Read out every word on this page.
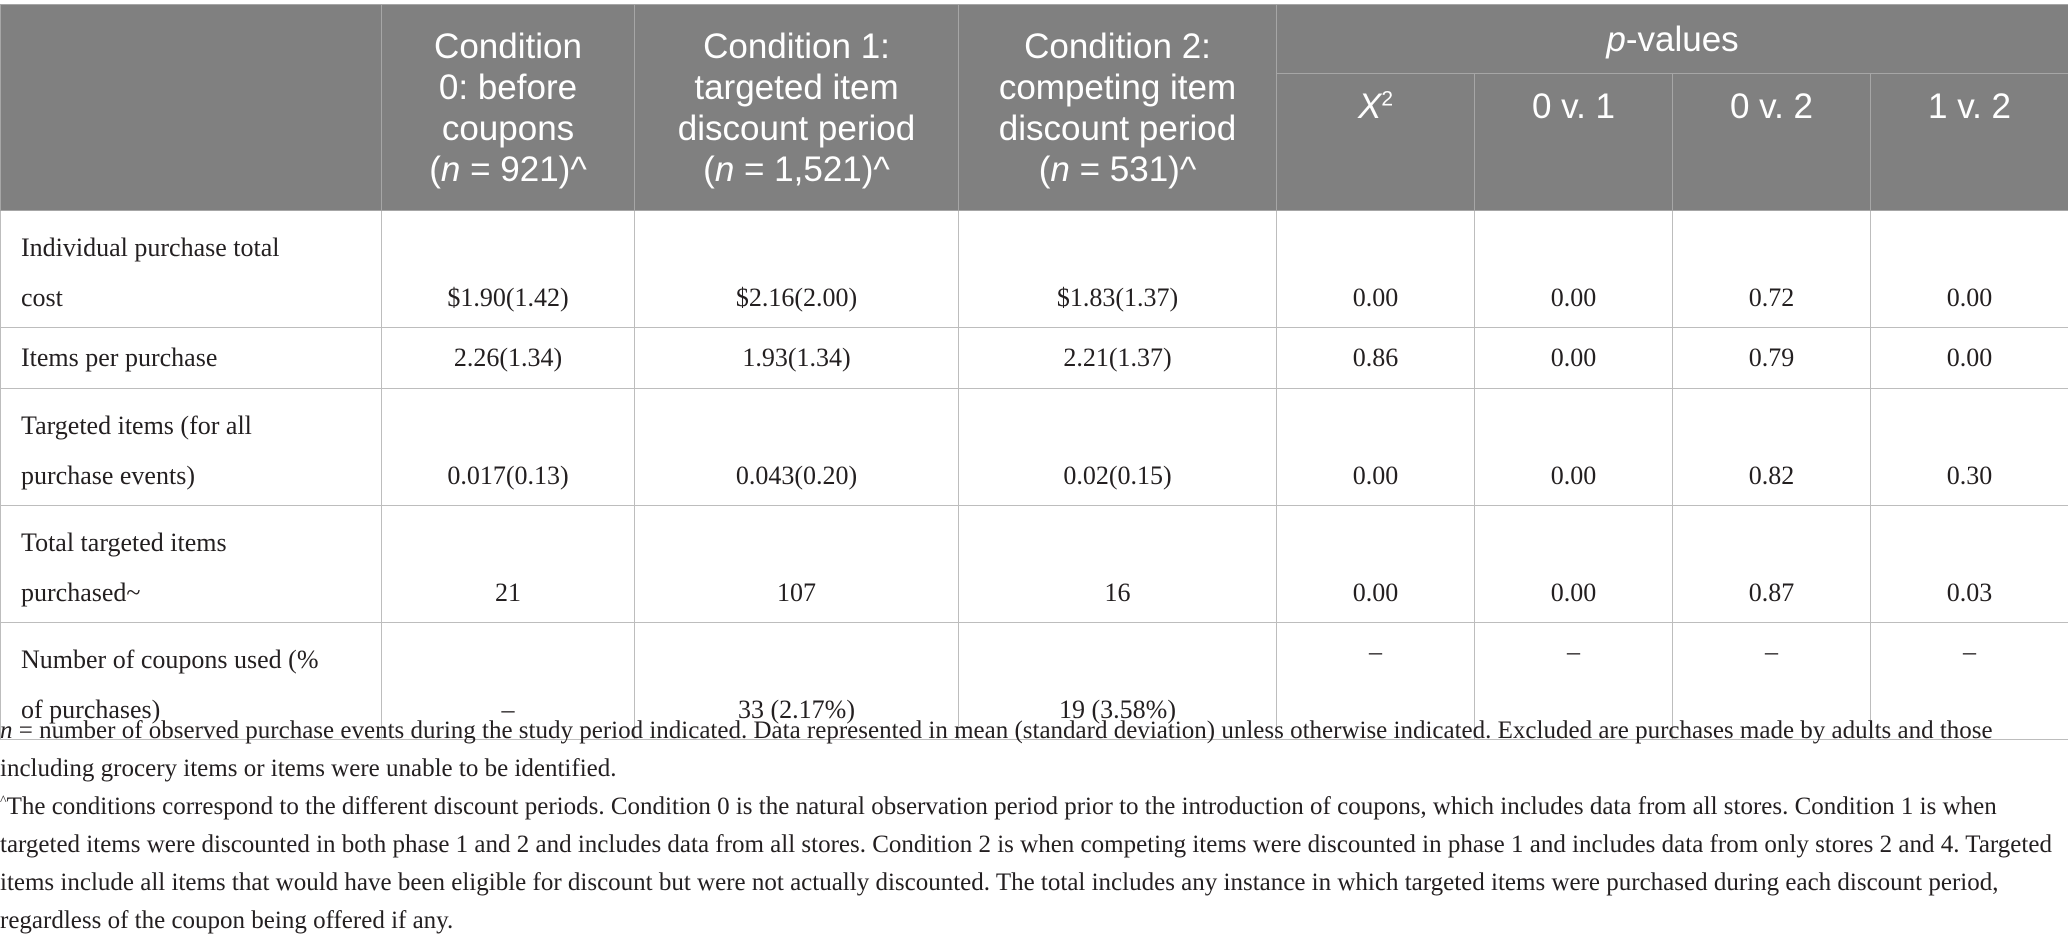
	Condition
0: before
coupons
(n = 921)^	Condition 1:
targeted item
discount period
(n = 1,521)^	Condition 2:
competing item
discount period
(n = 531)^	p-values			
				$X^2$	0 v. 1	0 v. 2	1 v. 2
Individual purchase total
cost	$1.90(1.42)	$2.16(2.00)	$1.83(1.37)	0.00	0.00	0.72	0.00
Items per purchase	2.26(1.34)	1.93(1.34)	2.21(1.37)	0.86	0.00	0.79	0.00
Targeted items (for all
purchase events)	0.017(0.13)	0.043(0.20)	0.02(0.15)	0.00	0.00	0.82	0.30
Total targeted items
purchased~	21	107	16	0.00	0.00	0.87	0.03
Number of coupons used (%
of purchases)	–	33 (2.17%)	19 (3.58%)	–	–	–	–

n = number of observed purchase events during the study period indicated. Data represented in mean (standard deviation) unless otherwise indicated. Excluded are purchases made by adults and those including grocery items or items were unable to be identified.

^The conditions correspond to the different discount periods. Condition 0 is the natural observation period prior to the introduction of coupons, which includes data from all stores. Condition 1 is when targeted items were discounted in both phase 1 and 2 and includes data from all stores. Condition 2 is when competing items were discounted in phase 1 and includes data from only stores 2 and 4. Targeted items include all items that would have been eligible for discount but were not actually discounted. The total includes any instance in which targeted items were purchased during each discount period, regardless of the coupon being offered if any.
